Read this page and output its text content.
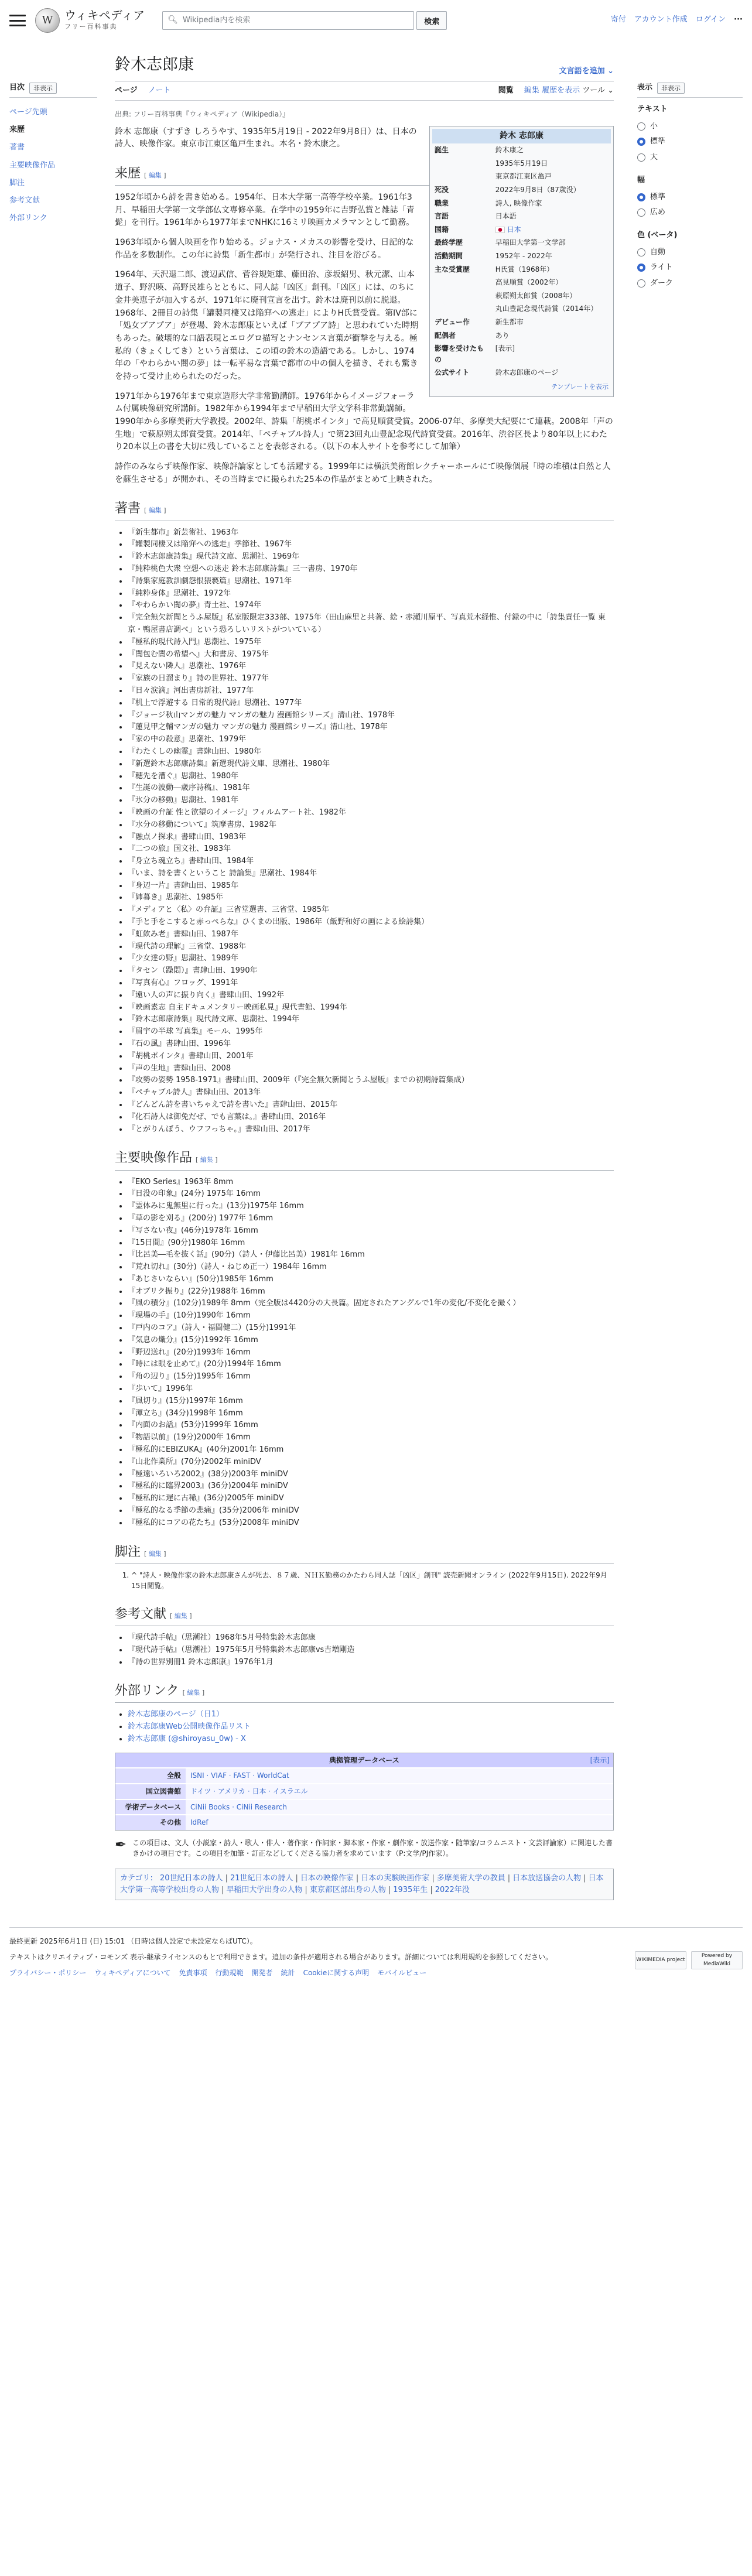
W ウィキペディア
フリー百科事典
🔍︎ Wikipedia内を検索	検索	寄付 アカウント作成 ログイン ···
目次	非表示
ページ先頭
来歴
著書
主要映像作品
脚注
参考文献
外部リンク
鈴木志郎康	文言語を追加 ⌄
ページ ノート	閲覧 編集 履歴を表示 ツール ⌄
出典: フリー百科事典『ウィキペディア（Wikipedia）』
鈴木 志郎康
誕生	鈴木康之
	1935年5月19日
	東京都江東区亀戸
死没	2022年9月8日（87歳没）
職業	詩人, 映像作家
言語	日本語
国籍	日本
最終学歴	早稲田大学第一文学部
活動期間	1952年 - 2022年
主な受賞歴	H氏賞（1968年）
	高見順賞（2002年）
	萩原朔太郎賞（2008年）
	丸山豊記念現代詩賞（2014年）
デビュー作	新生都市
配偶者	あり
影響を受けたもの	[表示]
公式サイト	鈴木志郎康のページ
テンプレートを表示

鈴木 志郎康（すずき しろうやす、1935年5月19日 - 2022年9月8日）は、日本の詩人、映像作家。東京市江東区亀戸生まれ。本名・鈴木康之。

来歴 [ 編集 ]

1952年頃から詩を書き始める。1954年、日本大学第一高等学校卒業。1961年3月、早稲田大学第一文学部仏文専修卒業。在学中の1959年に吉野弘賞と雑誌「青髭」を刊行。1961年から1977年までNHKに16ミリ映画カメラマンとして勤務。

1963年頃から個人映画を作り始める。ジョナス・メカスの影響を受け、日記的な作品を多数制作。この年に詩集「新生都市」が発行され、注目を浴びる。

1964年、天沢退二郎、渡辺武信、菅谷規矩雄、藤田治、彦坂紹男、秋元潔、山本道子、野沢暎、高野民雄らとともに、同人誌「凶区」創刊。「凶区」には、のちに金井美恵子が加入するが、1971年に廃刊宣言を出す。鈴木は廃刊以前に脱退。1968年、2冊目の詩集「罐製同棲又は陥穽への逃走」によりH氏賞受賞。第IV部に「処女プアプア」が登場、鈴木志郎康といえば「プアプア詩」と思われていた時期もあった。破壊的な口語表現とエログロ描写とナンセンス言葉が衝撃を与える。極私的（きょくしてき）という言葉は、この頃の鈴木の造語である。しかし、1974年の「やわらかい闇の夢」は一転平易な言葉で都市の中の個人を描き、それも驚きを持って受け止められたのだった。

1971年から1976年まで東京造形大学非常勤講師。1976年からイメージフォーラム付属映像研究所講師。1982年から1994年まで早稲田大学文学科非常勤講師。1990年から多摩美術大学教授。2002年、詩集「胡桃ポインタ」で高見順賞受賞。2006-07年、多摩美大紀要にて連載。2008年「声の生地」で萩原朔太郎賞受賞。2014年、「ペチャブル詩人」で第23回丸山豊記念現代詩賞受賞。2016年、渋谷区長より80年以上にわたり20本以上の書を大切に残していることを表彰される。（以下の本人サイトを参考にして加筆）

詩作のみならず映像作家、映像評論家としても活躍する。1999年には横浜美術館レクチャーホールにて映像個展「時の堆積は自然と人を蘇生させる」が開かれ、その当時までに撮られた25本の作品がまとめて上映された。

著書 [ 編集 ]
• 『新生都市』新芸術社、1963年
• 『罐製同棲又は陥穽への逃走』季節社、1967年
• 『鈴木志郎康詩集』現代詩文庫、思潮社、1969年
• 『純粋桃色大衆 空想への迷走 鈴木志郎康詩集』三一書房、1970年
• 『詩集家庭教訓劇怨恨猥褻篇』思潮社、1971年
• 『純粋身体』思潮社、1972年
• 『やわらかい闇の夢』青土社、1974年
• 『完全無欠新聞とうふ屋版』私家版限定333部、1975年（田山麻里と共著、絵・赤瀬川原平、写真荒木経惟、付録の中に「詩集責任一覧 東京・鴨屋書店調べ」という恐ろしいリストがついている）
• 『極私的現代詩入門』思潮社、1975年
• 『闇包む闇の希望へ』大和書房、1975年
• 『見えない隣人』思潮社、1976年
• 『家族の日溜まり』詩の世界社、1977年
• 『日々涙滴』河出書房新社、1977年
• 『机上で浮遊する 日常的現代詩』思潮社、1977年
• 『ジョージ秋山マンガの魅力 マンガの魅力 漫画館シリーズ』清山社、1978年
• 『蓮見甲之輔マンガの魅力 マンガの魅力 漫画館シリーズ』清山社、1978年
• 『家の中の殺意』思潮社、1979年
• 『わたくしの幽霊』書肆山田、1980年
• 『新選鈴木志郎康詩集』新選現代詩文庫、思潮社、1980年
• 『穂先を漕ぐ』思潮社、1980年
• 『生誕の波動―歳序詩稿』、1981年
• 『氷分の移動』思潮社、1981年
• 『映画の弁証 性と欲望のイメージ』フィルムアート社、1982年
• 『水分の移動について』筑摩書房、1982年
• 『融点ノ探求』書肆山田、1983年
• 『二つの旅』国文社、1983年
• 『身立ち魂立ち』書肆山田、1984年
• 『いま、詩を書くということ 詩論集』思潮社、1984年
• 『身辺一片』書肆山田、1985年
• 『姉暮き』思潮社、1985年
• 『メディアと〈私〉の弁証』三省堂選書、三省堂、1985年
• 『手と手をこすると赤っぺらな』ひくまの出版、1986年（飯野和好の画による絵詩集）
• 『虹飲み老』書肆山田、1987年
• 『現代詩の理解』三省堂、1988年
• 『少女達の野』思潮社、1989年
• 『タセン（躁悶）』書肆山田、1990年
• 『写真有心』フロッグ、1991年
• 『遠い人の声に振り向く』書肆山田、1992年
• 『映画素志 自主ドキュメンタリー映画私見』現代書館、1994年
• 『鈴木志郎康詩集』現代詩文庫、思潮社、1994年
• 『眉宇の半球 写真集』モール、1995年
• 『石の風』書肆山田、1996年
• 『胡桃ポインタ』書肆山田、2001年
• 『声の生地』書肆山田、2008
• 『攻勢の姿勢 1958-1971』書肆山田、2009年（『完全無欠新聞とうふ屋版』までの初期詩篇集成）
• 『ペチャブル詩人』書肆山田、2013年
• 『どんどん詩を書いちゃえで詩を書いた』書肆山田、2015年
• 『化石詩人は御免だぜ、でも言葉は。』書肆山田、2016年
• 『とがりんぼう、ウフフっちゃ。』書肆山田、2017年
主要映像作品 [ 編集 ]
• 『EKO Series』1963年 8mm
• 『日没の印象』(24分) 1975年 16mm
• 『霊体みに鬼無里に行った』(13分)1975年 16mm
• 『草の影を刈る』(200分) 1977年 16mm
• 『写さない夜』(46分)1978年 16mm
• 『15日間』(90分)1980年 16mm
• 『比呂美―毛を抜く話』(90分)（詩人・伊藤比呂美）1981年 16mm
• 『荒れ切れ』(30分)（詩人・ねじめ正一）1984年 16mm
• 『あじさいならい』(50分)1985年 16mm
• 『オブリク振り』(22分)1988年 16mm
• 『風の積分』(102分)1989年 8mm（完全版は4420分の大長篇。固定されたアングルで1年の変化/不変化を撮く）
• 『現場の手』(10分)1990年 16mm
• 『戸内のコア』（詩人・福間健二）(15分)1991年
• 『気息の熾分』(15分)1992年 16mm
• 『野辺送れ』(20分)1993年 16mm
• 『時には眼を止めて』(20分)1994年 16mm
• 『角の辺り』(15分)1995年 16mm
• 『歩いて』1996年
• 『風切り』(15分)1997年 16mm
• 『渾立ち』(34分)1998年 16mm
• 『内面のお話』(53分)1999年 16mm
• 『物語以前』(19分)2000年 16mm
• 『極私的にEBIZUKA』(40分)2001年 16mm
• 『山北作業所』(70分)2002年 miniDV
• 『極遠いろいろ2002』(38分)2003年 miniDV
• 『極私的に臨界2003』(36分)2004年 miniDV
• 『極私的に遅に古稀』(36分)2005年 miniDV
• 『極私的なる季節の悲痛』(35分)2006年 miniDV
• 『極私的にコアの花たち』(53分)2008年 miniDV
脚注 [ 編集 ]
1. ^ "詩人・映像作家の鈴木志郎康さんが死去、８７歳、ＮＨＫ勤務のかたわら同人誌「凶区」創刊" 読売新聞オンライン (2022年9月15日). 2022年9月15日閲覧。
参考文献 [ 編集 ]
• 『現代詩手帖』（思潮社）1968年5月号特集鈴木志郎康
• 『現代詩手帖』（思潮社）1975年5月号特集鈴木志郎康vs吉増剛造
• 『詩の世界別冊1 鈴木志郎康』1976年1月
外部リンク [ 編集 ]
• 鈴木志郎康のページ（日1）
• 鈴木志郎康Web公開映像作品リスト
• 鈴木志郎康 (@shiroyasu_0w) - X
典拠管理データベース	[表示]
全般	ISNI · VIAF · FAST · WorldCat
国立図書館	ドイツ · アメリカ · 日本 · イスラエル
学術データベース	CiNii Books · CiNii Research
その他	IdRef
✒ この項目は、文人（小説家・詩人・歌人・俳人・著作家・作詞家・脚本家・作家・劇作家・放送作家・随筆家/コラムニスト・文芸評論家）に関連した書きかけの項目です。この項目を加筆・訂正などしてくださる協力者を求めています（P:文学/PJ作家）。
カテゴリ: 20世紀日本の詩人 | 21世紀日本の詩人 | 日本の映像作家 | 日本の実験映画作家 | 多摩美術大学の教員 | 日本放送協会の人物 | 日本大学第一高等学校出身の人物 | 早稲田大学出身の人物 | 東京都区部出身の人物 | 1935年生 | 2022年没
表示	非表示
テキスト
小
標準
大
幅
標準
広め
色 (ベータ)
自動
ライト
ダーク

最終更新 2025年6月1日 (日) 15:01 （日時は個人設定で未設定ならばUTC）。

テキストはクリエイティブ・コモンズ 表示-継承ライセンスのもとで利用できます。追加の条件が適用される場合があります。詳細については利用規約を参照してください。

プライバシー・ポリシー ウィキペディアについて 免責事項 行動規範 開発者 統計 Cookieに関する声明 モバイルビュー
WIKIMEDIA project
Powered by MediaWiki
